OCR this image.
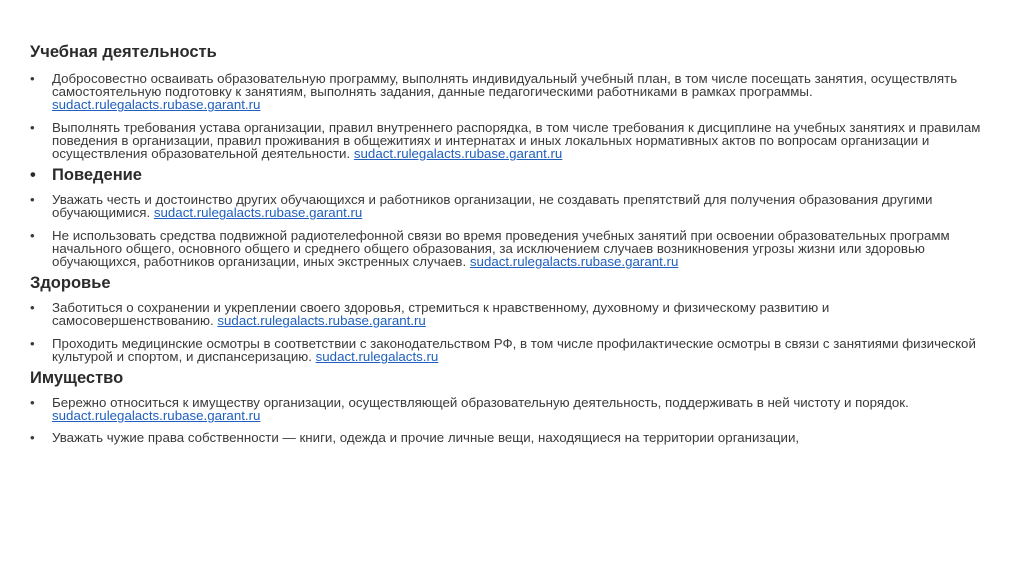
Учебная деятельность

• Добросовестно осваивать образовательную программу, выполнять индивидуальный учебный план, в том числе посещать занятия, осуществлять самостоятельную подготовку к занятиям, выполнять задания, данные педагогическими работниками в рамках программы. sudact.rulegalacts.rubase.garant.ru

• Выполнять требования устава организации, правил внутреннего распорядка, в том числе требования к дисциплине на учебных занятиях и правилам поведения в организации, правил проживания в общежитиях и интернатах и иных локальных нормативных актов по вопросам организации и осуществления образовательной деятельности. sudact.rulegalacts.rubase.garant.ru

• Поведение

• Уважать честь и достоинство других обучающихся и работников организации, не создавать препятствий для получения образования другими обучающимися. sudact.rulegalacts.rubase.garant.ru

• Не использовать средства подвижной радиотелефонной связи во время проведения учебных занятий при освоении образовательных программ начального общего, основного общего и среднего общего образования, за исключением случаев возникновения угрозы жизни или здоровью обучающихся, работников организации, иных экстренных случаев. sudact.rulegalacts.rubase.garant.ru

Здоровье

• Заботиться о сохранении и укреплении своего здоровья, стремиться к нравственному, духовному и физическому развитию и самосовершенствованию. sudact.rulegalacts.rubase.garant.ru

• Проходить медицинские осмотры в соответствии с законодательством РФ, в том числе профилактические осмотры в связи с занятиями физической культурой и спортом, и диспансеризацию. sudact.rulegalacts.ru

Имущество

• Бережно относиться к имуществу организации, осуществляющей образовательную деятельность, поддерживать в ней чистоту и порядок. sudact.rulegalacts.rubase.garant.ru

• Уважать чужие права собственности — книги, одежда и прочие личные вещи, находящиеся на территории организации,
